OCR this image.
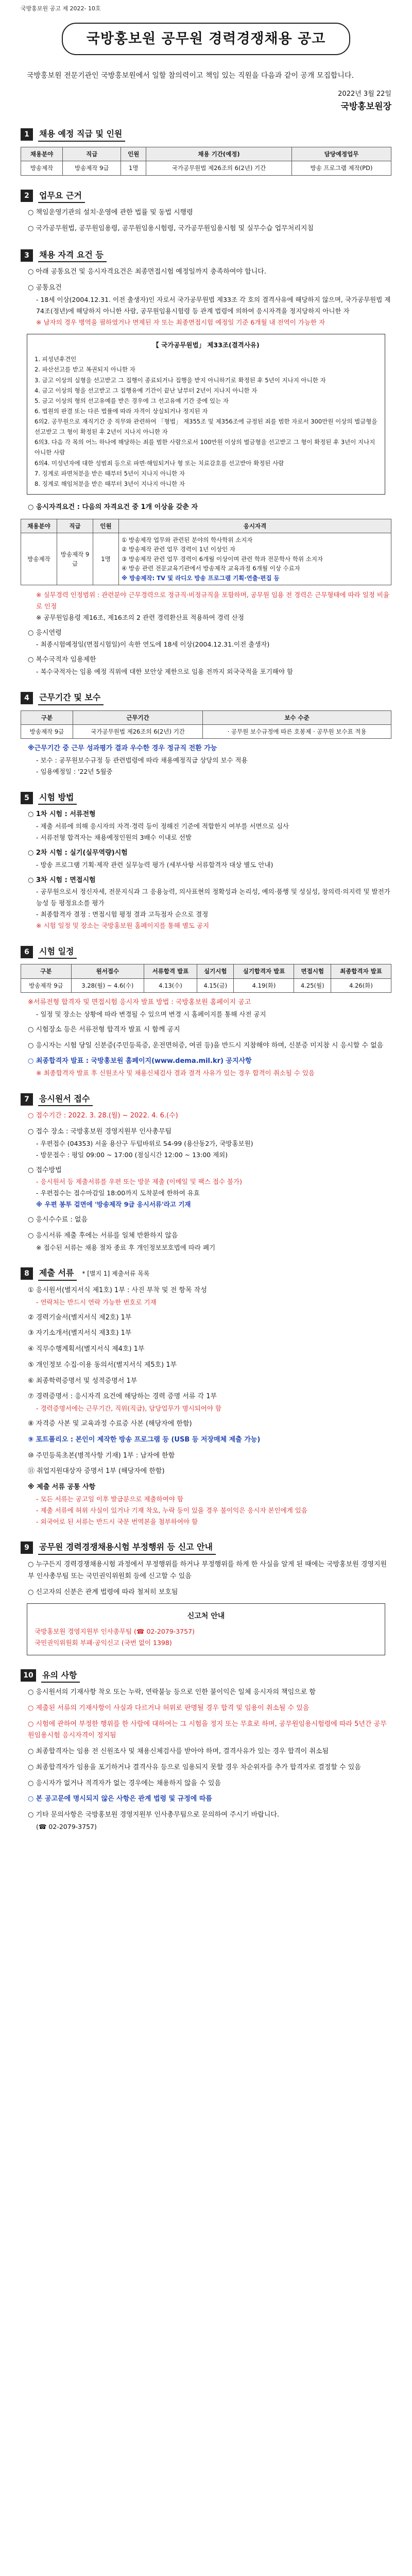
국방홍보원 공고 제 2022- 10호
국방홍보원 공무원 경력경쟁채용 공고

국방홍보원 전문기관인 국방홍보원에서 일할 참의력이고 책임 있는 직원을 다음과 같이 공개 모집합니다.

2022년 3월 22일
국방홍보원장
1	채용 예정 직급 및 인원
채용분야	직급	인원	채용 기간(예정)	담당예정업무
방송제작	방송제작 9급	1명	국가공무원법 제26조의 6(2년) 기간	방송 프로그램 제작(PD)
2	업무요 근거
○ 책임운영기관의 설치·운영에 관한 법률 및 동법 시행령
○ 국가공무원법, 공무원임용령, 공무원임용시험령, 국가공무원임용시험 및 실무수습 업무처리지침
3	채용 자격 요건 등
○ 아래 공통요건 및 응시자격요건은 최종면접시험 예정일까지 충족하여야 합니다.
○ 공통요건
- 18세 이상(2004.12.31. 이전 출생자)인 자로서 국가공무원법 제33조 각 호의 결격사유에 해당하지 않으며, 국가공무원법 제74조(정년)에 해당하지 아니한 사람, 공무원임용시험령 등 관계 법령에 의하여 응시자격을 정지당하지 아니한 자
※ 남자의 경우 병역을 필하였거나 면제된 자 또는 최종면접시험 예정일 기준 6개월 내 전역이 가능한 자
【 국가공무원법」 제33조(결격사유)
1. 피성년후견인
2. 파산선고를 받고 복권되지 아니한 자
3. 금고 이상의 실형을 선고받고 그 집행이 종료되거나 집행을 받지 아니하기로 확정된 후 5년이 지나지 아니한 자
4. 금고 이상의 형을 선고받고 그 집행유예 기간이 끝난 날부터 2년이 지나지 아니한 자
5. 금고 이상의 형의 선고유예를 받은 경우에 그 선고유예 기간 중에 있는 자
6. 법원의 판결 또는 다른 법률에 따라 자격이 상실되거나 정지된 자
6의2. 공무원으로 재직기간 중 직무와 관련하여 「형법」 제355조 및 제356조에 규정된 죄를 범한 자로서 300만원 이상의 벌금형을 선고받고 그 형이 확정된 후 2년이 지나지 아니한 자
6의3. 다음 각 목의 어느 하나에 해당하는 죄를 범한 사람으로서 100만원 이상의 벌금형을 선고받고 그 형이 확정된 후 3년이 지나지 아니한 사람
6의4. 미성년자에 대한 성범죄 등으로 파면·해임되거나 형 또는 치료감호를 선고받아 확정된 사람
7. 징계로 파면처분을 받은 때부터 5년이 지나지 아니한 자
8. 징계로 해임처분을 받은 때부터 3년이 지나지 아니한 자
○ 응시자격요건 : 다음의 자격요건 중 1개 이상을 갖춘 자
채용분야	직급	인원	응시자격
방송제작	방송제작 9급	1명	① 방송제작 업무와 관련된 분야의 학사학위 소지자
② 방송제작 관련 업무 경력이 1년 이상인 자
③ 방송제작 관련 업무 경력이 6개월 이상이며 관련 학과 전문학사 학위 소지자
④ 방송 관련 전문교육기관에서 방송제작 교육과정 6개월 이상 수료자
※ 방송제작: TV 및 라디오 방송 프로그램 기획·연출·편집 등
※ 실무경력 인정범위 : 관련분야 근무경력으로 정규직·비정규직을 포함하며, 공무원 임용 전 경력은 근무형태에 따라 일정 비율로 인정
※ 공무원임용령 제16조, 제16조의 2 관련 경력환산표 적용하여 경력 산정
○ 응시연령
- 최종시험예정일(면접시험일)이 속한 연도에 18세 이상(2004.12.31.이전 출생자)
○ 복수국적자 임용제한
- 복수국적자는 임용 예정 직위에 대한 보안상 제한으로 임용 전까지 외국국적을 포기해야 함
4	근무기간 및 보수
구분	근무기간	보수 수준
방송제작 9급	국가공무원법 제26조의 6(2년) 기간	· 공무원 보수규정에 따른 호봉제 · 공무원 보수표 적용
※근무기간 중 근무 성과평가 결과 우수한 경우 정규직 전환 가능
- 보수 : 공무원보수규정 등 관련법령에 따라 채용예정직급 상당의 보수 적용
- 임용예정일 : '22년 5월중
5	시험 방법
○ 1차 시험 : 서류전형
- 제출 서류에 의해 응시자의 자격·경력 등이 정해진 기준에 적합한지 여부를 서면으로 심사
- 서류전형 합격자는 채용예정인원의 3배수 이내로 선발
○ 2차 시험 : 실기(실무역량)시험
- 방송 프로그램 기획·제작 관련 실무능력 평가 (세부사항 서류합격자 대상 별도 안내)
○ 3차 시험 : 면접시험
- 공무원으로서 정신자세, 전문지식과 그 응용능력, 의사표현의 정확성과 논리성, 예의·품행 및 성실성, 창의력·의지력 및 발전가능성 등 평정요소를 평가
- 최종합격자 결정 : 면접시험 평정 결과 고득점자 순으로 결정
※ 시험 일정 및 장소는 국방홍보원 홈페이지를 통해 별도 공지
6	시험 일정
구분	원서접수	서류합격 발표	실기시험	실기합격자 발표	면접시험	최종합격자 발표
방송제작 9급	3.28(월) ~ 4.6(수)	4.13(수)	4.15(금)	4.19(화)	4.25(월)	4.26(화)
※서류전형 합격자 및 면접시험 응시자 발표 방법 : 국방홍보원 홈페이지 공고
- 일정 및 장소는 상황에 따라 변경될 수 있으며 변경 시 홈페이지를 통해 사전 공지
○ 시험장소 등은 서류전형 합격자 발표 시 함께 공지
○ 응시자는 시험 당일 신분증(주민등록증, 운전면허증, 여권 등)을 반드시 지참해야 하며, 신분증 미지참 시 응시할 수 없음
○ 최종합격자 발표 : 국방홍보원 홈페이지(www.dema.mil.kr) 공지사항
※ 최종합격자 발표 후 신원조사 및 채용신체검사 결과 결격 사유가 있는 경우 합격이 취소될 수 있음
7	응시원서 접수
○ 접수기간 : 2022. 3. 28.(월) ~ 2022. 4. 6.(수)
○ 접수 장소 : 국방홍보원 경영지원부 인사총무팀
- 우편접수 (04353) 서울 용산구 두텁바위로 54-99 (용산동2가, 국방홍보원)
- 방문접수 : 평일 09:00 ~ 17:00 (점심시간 12:00 ~ 13:00 제외)
○ 접수방법
- 응시원서 등 제출서류를 우편 또는 방문 제출 (이메일 및 팩스 접수 불가)
- 우편접수는 접수마감일 18:00까지 도착분에 한하여 유효
※ 우편 봉투 겉면에 '방송제작 9급 응시서류'라고 기재
○ 응시수수료 : 없음
○ 응시서류 제출 후에는 서류를 일체 반환하지 않음
※ 접수된 서류는 채용 절차 종료 후 개인정보보호법에 따라 폐기
8	제출 서류	* [별지 1] 제출서류 목록
① 응시원서(별지서식 제1호) 1부 : 사진 부착 및 전 항목 작성
- 연락처는 반드시 연락 가능한 번호로 기재
② 경력기술서(별지서식 제2호) 1부
③ 자기소개서(별지서식 제3호) 1부
④ 직무수행계획서(별지서식 제4호) 1부
⑤ 개인정보 수집·이용 동의서(별지서식 제5호) 1부
⑥ 최종학력증명서 및 성적증명서 1부
⑦ 경력증명서 : 응시자격 요건에 해당하는 경력 증명 서류 각 1부
- 경력증명서에는 근무기간, 직위(직급), 담당업무가 명시되어야 함
⑧ 자격증 사본 및 교육과정 수료증 사본 (해당자에 한함)
⑨ 포트폴리오 : 본인이 제작한 방송 프로그램 등 (USB 등 저장매체 제출 가능)
⑩ 주민등록초본(병적사항 기재) 1부 : 남자에 한함
⑪ 취업지원대상자 증명서 1부 (해당자에 한함)
※ 제출 서류 공통 사항
- 모든 서류는 공고일 이후 발급분으로 제출하여야 함
- 제출 서류에 허위 사실이 있거나 기재 착오, 누락 등이 있을 경우 불이익은 응시자 본인에게 있음
- 외국어로 된 서류는 반드시 국문 번역본을 첨부하여야 함
9	공무원 경력경쟁채용시험 부정행위 등 신고 안내
○ 누구든지 경력경쟁채용시험 과정에서 부정행위를 하거나 부정행위를 하게 한 사실을 알게 된 때에는 국방홍보원 경영지원부 인사총무팀 또는 국민권익위원회 등에 신고할 수 있음
○ 신고자의 신분은 관계 법령에 따라 철저히 보호됨
신고처 안내
국방홍보원 경영지원부 인사총무팀 (☎ 02-2079-3757)
국민권익위원회 부패·공익신고 (국번 없이 1398)
10	유의 사항
○ 응시원서의 기재사항 착오 또는 누락, 연락불능 등으로 인한 불이익은 일체 응시자의 책임으로 함
○ 제출된 서류의 기재사항이 사실과 다르거나 허위로 판명될 경우 합격 및 임용이 취소될 수 있음
○ 시험에 관하여 부정한 행위를 한 사람에 대하여는 그 시험을 정지 또는 무효로 하며, 공무원임용시험령에 따라 5년간 공무원임용시험 응시자격이 정지됨
○ 최종합격자는 임용 전 신원조사 및 채용신체검사를 받아야 하며, 결격사유가 있는 경우 합격이 취소됨
○ 최종합격자가 임용을 포기하거나 결격사유 등으로 임용되지 못할 경우 차순위자를 추가 합격자로 결정할 수 있음
○ 응시자가 없거나 적격자가 없는 경우에는 채용하지 않을 수 있음
○ 본 공고문에 명시되지 않은 사항은 관계 법령 및 규정에 따름
○ 기타 문의사항은 국방홍보원 경영지원부 인사총무팀으로 문의하여 주시기 바랍니다.
(☎ 02-2079-3757)
